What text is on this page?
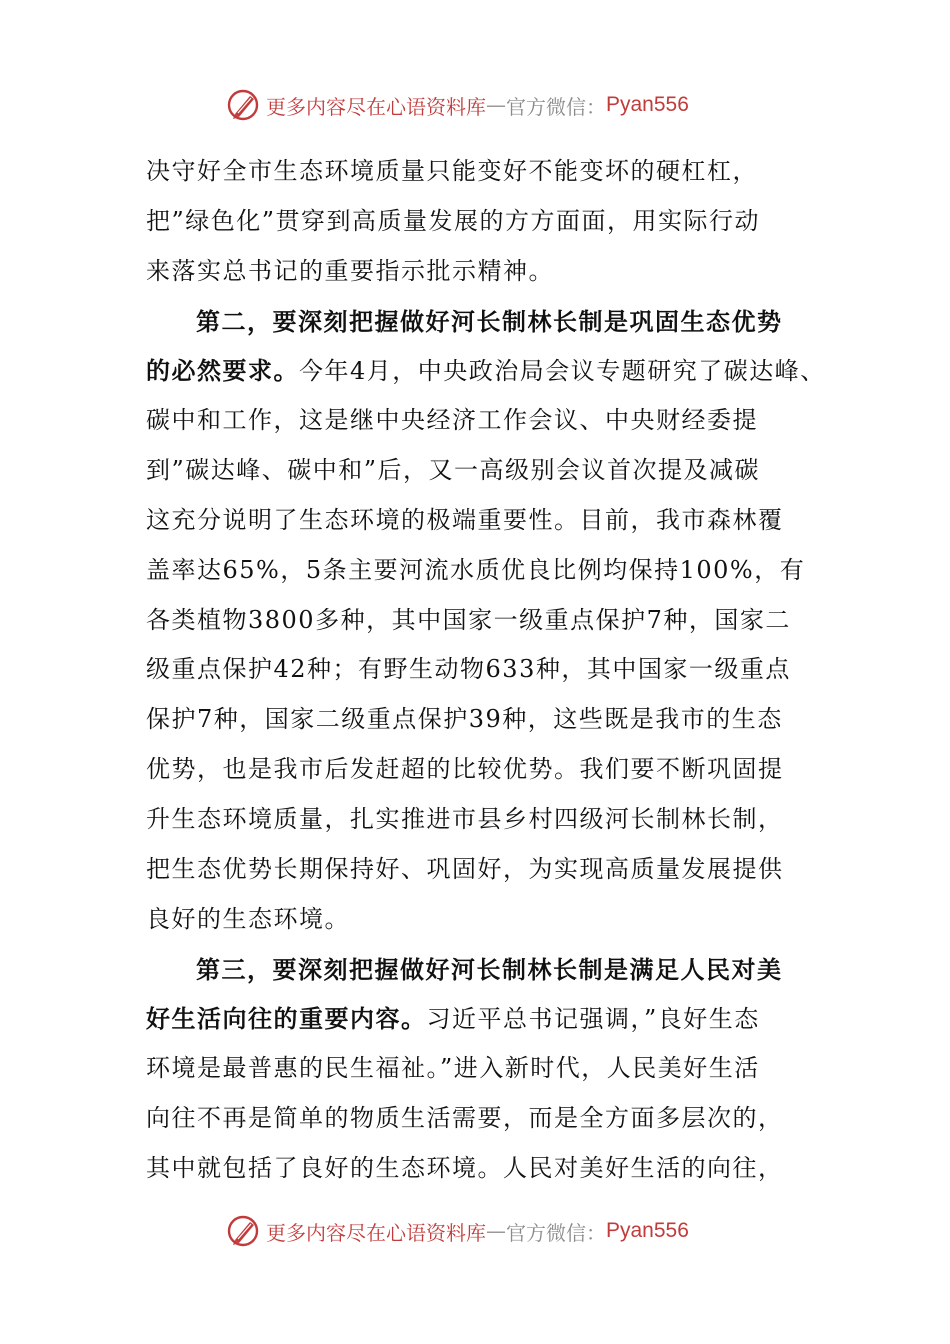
更多内容尽在心语资料库 — 官方微信： Pyan556
决守好全市生态环境质量只能变好不能变坏的硬杠杠，
把”绿色化”贯穿到高质量发展的方方面面，用实际行动
来落实总书记的重要指示批示精神。
第二，要深刻把握做好河长制林长制是巩固生态优势
的必然要求。今年4月，中央政治局会议专题研究了碳达峰、
碳中和工作，这是继中央经济工作会议、中央财经委提
到”碳达峰、碳中和”后，又一高级别会议首次提及减碳
这充分说明了生态环境的极端重要性。目前，我市森林覆
盖率达65%，5条主要河流水质优良比例均保持100%，有
各类植物3800多种，其中国家一级重点保护7种，国家二
级重点保护42种；有野生动物633种，其中国家一级重点
保护7种，国家二级重点保护39种，这些既是我市的生态
优势，也是我市后发赶超的比较优势。我们要不断巩固提
升生态环境质量，扎实推进市县乡村四级河长制林长制，
把生态优势长期保持好、巩固好，为实现高质量发展提供
良好的生态环境。
第三，要深刻把握做好河长制林长制是满足人民对美
好生活向往的重要内容。习近平总书记强调，”良好生态
环境是最普惠的民生福祉。”进入新时代，人民美好生活
向往不再是简单的物质生活需要，而是全方面多层次的，
其中就包括了良好的生态环境。人民对美好生活的向往，
更多内容尽在心语资料库 — 官方微信： Pyan556
